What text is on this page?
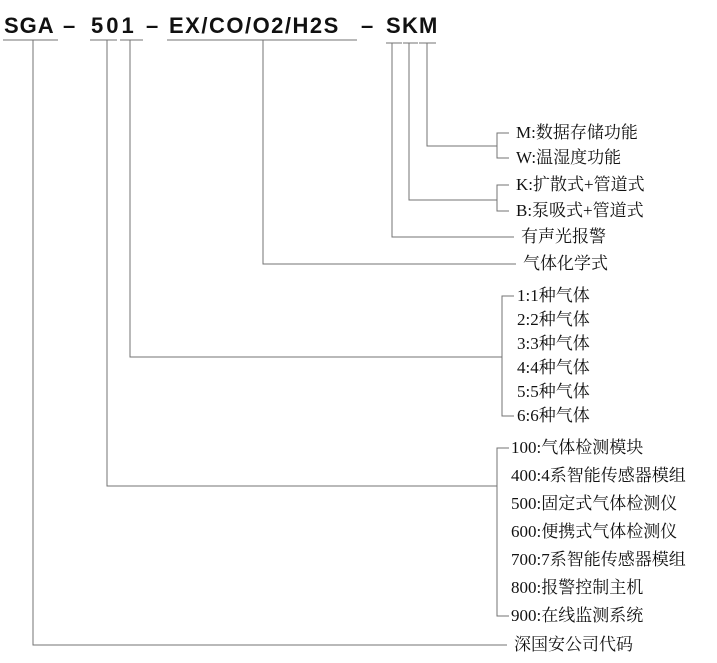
SGA – 501 – EX/CO/O2/H2S – S K M
M:数据存储功能
W:温湿度功能
K:扩散式+管道式
B:泵吸式+管道式
有声光报警
气体化学式
1:1种气体
2:2种气体
3:3种气体
4:4种气体
5:5种气体
6:6种气体
100:气体检测模块
400:4系智能传感器模组
500:固定式气体检测仪
600:便携式气体检测仪
700:7系智能传感器模组
800:报警控制主机
900:在线监测系统
深国安公司代码
